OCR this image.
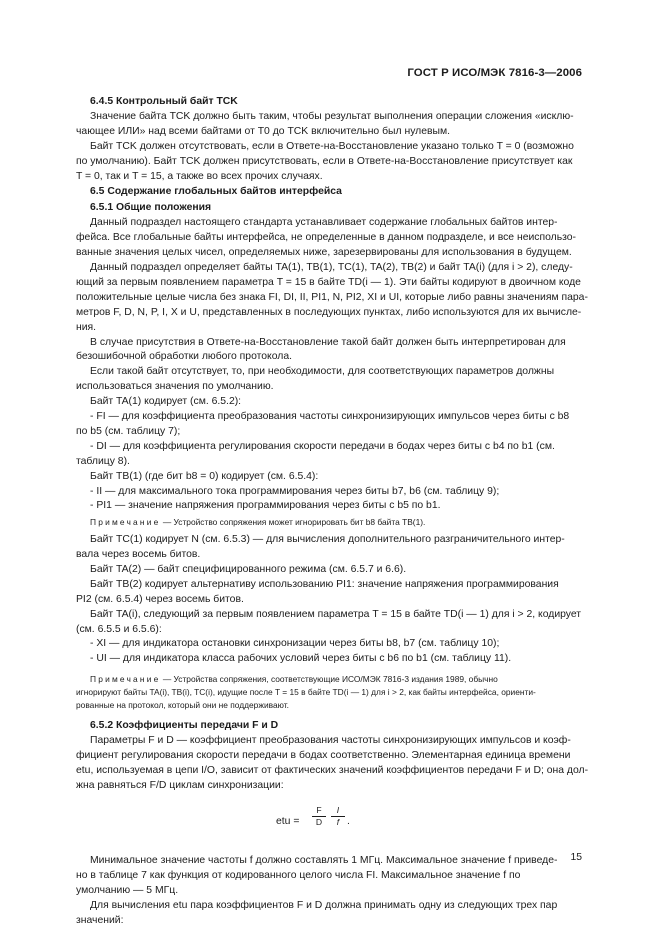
ГОСТ Р ИСО/МЭК 7816-3—2006
6.4.5 Контрольный байт TCK
Значение байта TCK должно быть таким, чтобы результат выполнения операции сложения «исклю-
чающее ИЛИ» над всеми байтами от T0 до TCK включительно был нулевым.
Байт TCK должен отсутствовать, если в Ответе-на-Восстановление указано только T = 0 (возможно
по умолчанию). Байт TCK должен присутствовать, если в Ответе-на-Восстановление присутствует как
T = 0, так и T = 15, а также во всех прочих случаях.
6.5 Содержание глобальных байтов интерфейса
6.5.1 Общие положения
Данный подраздел настоящего стандарта устанавливает содержание глобальных байтов интер-
фейса. Все глобальные байты интерфейса, не определенные в данном подразделе, и все неиспользо-
ванные значения целых чисел, определяемых ниже, зарезервированы для использования в будущем.
Данный подраздел определяет байты TA(1), TB(1), TC(1), TA(2), TB(2) и байт TA(i) (для i > 2), следу-
ющий за первым появлением параметра T = 15 в байте TD(i — 1). Эти байты кодируют в двоичном коде
положительные целые числа без знака FI, DI, II, PI1, N, PI2, XI и UI, которые либо равны значениям пара-
метров F, D, N, P, I, X и U, представленных в последующих пунктах, либо используются для их вычисле-
ния.
В случае присутствия в Ответе-на-Восстановление такой байт должен быть интерпретирован для
безошибочной обработки любого протокола.
Если такой байт отсутствует, то, при необходимости, для соответствующих параметров должны
использоваться значения по умолчанию.
Байт TA(1) кодирует (см. 6.5.2):
- FI — для коэффициента преобразования частоты синхронизирующих импульсов через биты с b8
по b5 (см. таблицу 7);
- DI — для коэффициента регулирования скорости передачи в бодах через биты с b4 по b1 (см.
таблицу 8).
Байт TB(1) (где бит b8 = 0) кодирует (см. 6.5.4):
- II — для максимального тока программирования через биты b7, b6 (см. таблицу 9);
- PI1 — значение напряжения программирования через биты с b5 по b1.
Примечание — Устройство сопряжения может игнорировать бит b8 байта TB(1).
Байт TC(1) кодирует N (см. 6.5.3) — для вычисления дополнительного разграничительного интер-
вала через восемь битов.
Байт TA(2) — байт специфицированного режима (см. 6.5.7 и 6.6).
Байт TB(2) кодирует альтернативу использованию PI1: значение напряжения программирования
PI2 (см. 6.5.4) через восемь битов.
Байт TA(i), следующий за первым появлением параметра T = 15 в байте TD(i — 1) для i > 2, кодирует
(см. 6.5.5 и 6.5.6):
- XI — для индикатора остановки синхронизации через биты b8, b7 (см. таблицу 10);
- UI — для индикатора класса рабочих условий через биты с b6 по b1 (см. таблицу 11).
Примечание — Устройства сопряжения, соответствующие ИСО/МЭК 7816-3 издания 1989, обычно
игнорируют байты TA(i), TB(i), TC(i), идущие после T = 15 в байте TD(i — 1) для i > 2, как байты интерфейса, ориенти-
рованные на протокол, который они не поддерживают.
6.5.2 Коэффициенты передачи F и D
Параметры F и D — коэффициент преобразования частоты синхронизирующих импульсов и коэф-
фициент регулирования скорости передачи в бодах соответственно. Элементарная единица времени
etu, используемая в цепи I/O, зависит от фактических значений коэффициентов передачи F и D; она дол-
жна равняться F/D циклам синхронизации:
etu = $\frac{F}{D} \frac{I}{f}$ .
Минимальное значение частоты f должно составлять 1 МГц. Максимальное значение f приведе-
но в таблице 7 как функция от кодированного целого числа FI. Максимальное значение f по
умолчанию — 5 МГц.
Для вычисления etu пара коэффициентов F и D должна принимать одну из следующих трех пар
значений:
15
